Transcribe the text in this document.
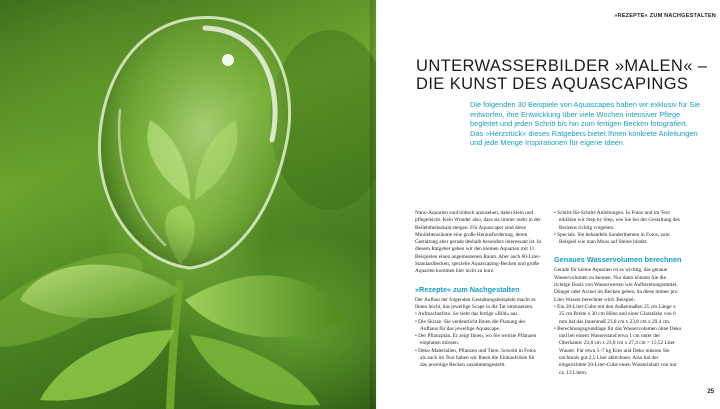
»REZEPTE« ZUM NACHGESTALTEN
UNTERWASSERBILDER »MALEN« –
DIE KUNST DES AQUASCAPINGS

Die folgenden 30 Beispiele von Aquascapes haben wir exklusiv für Sie entworfen, ihre Entwicklung über viele Wochen intensiver Pflege begleitet und jeden Schritt bis hin zum fertigen Becken fotografiert. Das »Herzstück« dieses Ratgebers bietet Ihnen konkrete Anleitungen und jede Menge Inspirationen für eigene Ideen.

Nano-Aquarien sind hübsch anzusehen, dabei klein und pflegeleicht. Kein Wunder also, dass sie immer mehr in der Beliebtheitsskala steigen. Für Aquascaper sind diese Minilebensräume eine große Herausforderung, deren Gestaltung aber gerade deshalb besonders interessant ist. In diesem Ratgeber geben wir den kleinen Aquarien mit 11 Beispielen einen angemessenen Raum. Aber auch 60-Liter-Standardbecken, spezielle Aquascaping-Becken und große Aquarien kommen hier nicht zu kurz.

»Rezepte« zum Nachgestalten

Der Aufbau der folgenden Gestaltungsbeispiele macht es Ihnen leicht, das jeweilige Scape in die Tat umzusetzen.

• Aufmacherfoto. So sieht das fertige »Bild« aus.
• Die Skizze. Sie verdeutlicht Ihnen die Planung des Aufbaus für das jeweilige Aquascape.
• Der Pflanzplan. Er zeigt Ihnen, wo Sie welche Pflanzen einplanen müssen.
• Deko-Materialien, Pflanzen und Tiere. Sowohl in Fotos als auch im Text haben wir Ihnen die Einkaufsliste für das jeweilige Becken zusammengestellt.
• Schritt-für-Schritt-Anleitungen. In Fotos und im Text erklären wir Step by Step, wie Sie bei der Gestaltung des Beckens richtig vorgehen.
• Specials. Sie behandeln Sonderthemen in Fotos, zum Beispiel wie man Moos auf Steine bindet.
Genaues Wasservolumen berechnen

Gerade für kleine Aquarien ist es wichtig, das genaue Wasservolumen zu kennen. Nur dann können Sie die richtige Dosis von Wasserwerten wie Aufbereitungsmittel, Dünger oder Arznei im Becken geben, da diese immer pro Liter Wasser berechnet wird. Beispiel:

• Ein 20-Liter-Cube mit den Außenmaßen 25 cm Länge x 25 cm Breite x 30 cm Höhe und einer Glasstärke von 6 mm hat das Innenmaß 23,8 cm x 23,8 cm x 29,4 cm.
• Berechnungsgrundlage für das Wasservolumen ohne Deko und bei einem Wasserstand etwa 1 cm unter der Oberkante: 23,8 cm x 23,8 cm x 27,4 cm = 15,52 Liter Wasser. Für etwa 5–7 kg Kies und Deko müssen Sie nochmals gut 2,5 Liter abrechnen. Also hat der eingerichtete 20-Liter-Cube einen Wasserinhalt von nur ca. 13 Litern.
25
